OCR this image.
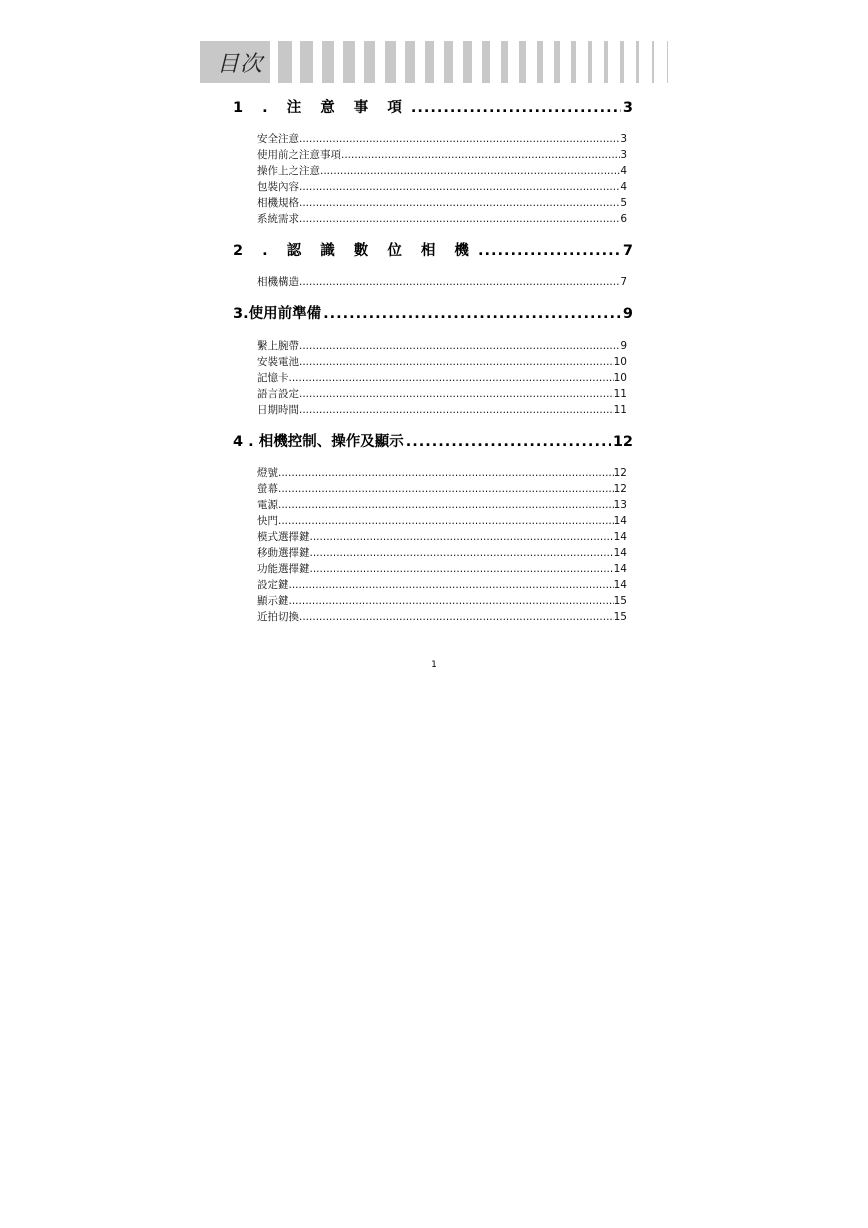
目次
1 . 注 意 事 項 .....	3
安全注意 .....	3
使用前之注意事項 .....	3
操作上之注意 .....	4
包裝內容 .....	4
相機規格 .....	5
系統需求 .....	6
2 . 認 識 數 位 相 機 .....	7
相機構造 .....	7
3.使用前準備 .....	9
繫上腕帶 .....	9
安裝電池 .....	10
記憶卡 .....	10
語言設定 .....	11
日期時間 .....	11
4 . 相機控制、操作及顯示 .....	12
燈號 .....	12
螢幕 .....	12
電源 .....	13
快門 .....	14
模式選擇鍵 .....	14
移動選擇鍵 .....	14
功能選擇鍵 .....	14
設定鍵 .....	14
顯示鍵 .....	15
近拍切換 .....	15
1
